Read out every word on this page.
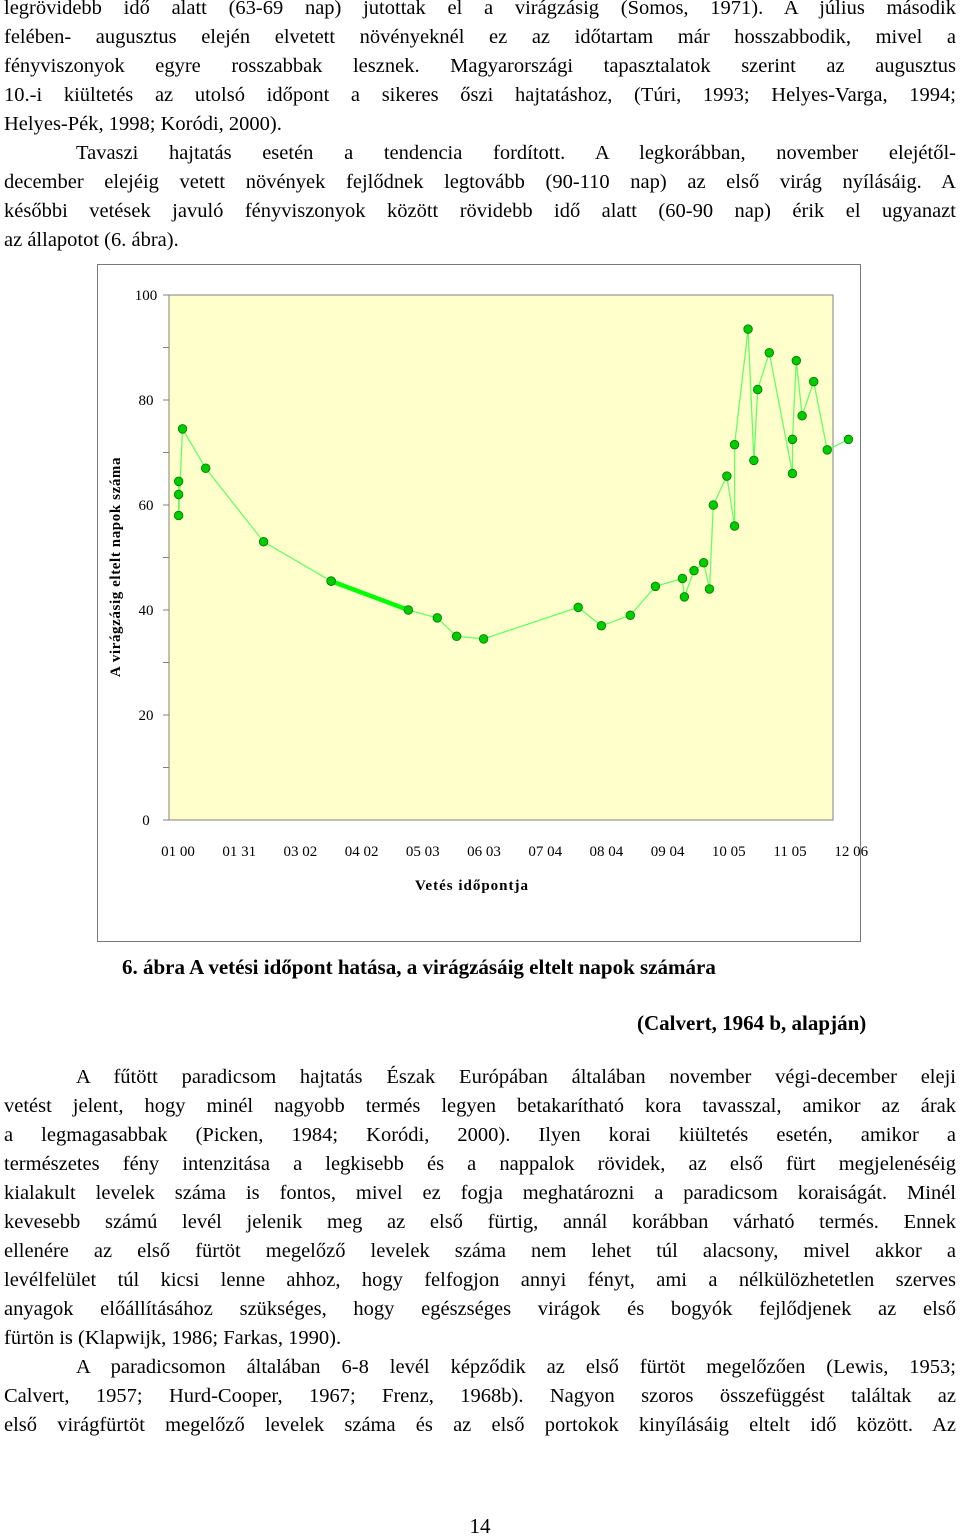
legrövidebb idő alatt (63-69 nap) jutottak el a virágzásig (Somos, 1971). A július második
felében- augusztus elején elvetett növényeknél ez az időtartam már hosszabbodik, mivel a
fényviszonyok egyre rosszabbak lesznek. Magyarországi tapasztalatok szerint az augusztus
10.-i kiültetés az utolsó időpont a sikeres őszi hajtatáshoz, (Túri, 1993; Helyes-Varga, 1994;
Helyes-Pék, 1998; Koródi, 2000).
Tavaszi hajtatás esetén a tendencia fordított. A legkorábban, november elejétől-
december elejéig vetett növények fejlődnek legtovább (90-110 nap) az első virág nyílásáig. A
későbbi vetések javuló fényviszonyok között rövidebb idő alatt (60-90 nap) érik el ugyanazt
az állapotot (6. ábra).
0
20
40
60
80
100
01 00 01 31 03 02 04 02 05 03 06 03 07 04 08 04 09 04 10 05 11 05 12 06
A virágzásig eltelt napok száma
Vetés időpontja
6. ábra A vetési időpont hatása, a virágzásáig eltelt napok számára
(Calvert, 1964 b, alapján)
A fűtött paradicsom hajtatás Észak Európában általában november végi-december eleji
vetést jelent, hogy minél nagyobb termés legyen betakarítható kora tavasszal, amikor az árak
a legmagasabbak (Picken, 1984; Koródi, 2000). Ilyen korai kiültetés esetén, amikor a
természetes fény intenzitása a legkisebb és a nappalok rövidek, az első fürt megjelenéséig
kialakult levelek száma is fontos, mivel ez fogja meghatározni a paradicsom koraiságát. Minél
kevesebb számú levél jelenik meg az első fürtig, annál korábban várható termés. Ennek
ellenére az első fürtöt megelőző levelek száma nem lehet túl alacsony, mivel akkor a
levélfelület túl kicsi lenne ahhoz, hogy felfogjon annyi fényt, ami a nélkülözhetetlen szerves
anyagok előállításához szükséges, hogy egészséges virágok és bogyók fejlődjenek az első
fürtön is (Klapwijk, 1986; Farkas, 1990).
A paradicsomon általában 6-8 levél képződik az első fürtöt megelőzően (Lewis, 1953;
Calvert, 1957; Hurd-Cooper, 1967; Frenz, 1968b). Nagyon szoros összefüggést találtak az
első virágfürtöt megelőző levelek száma és az első portokok kinyílásáig eltelt idő között. Az
14
